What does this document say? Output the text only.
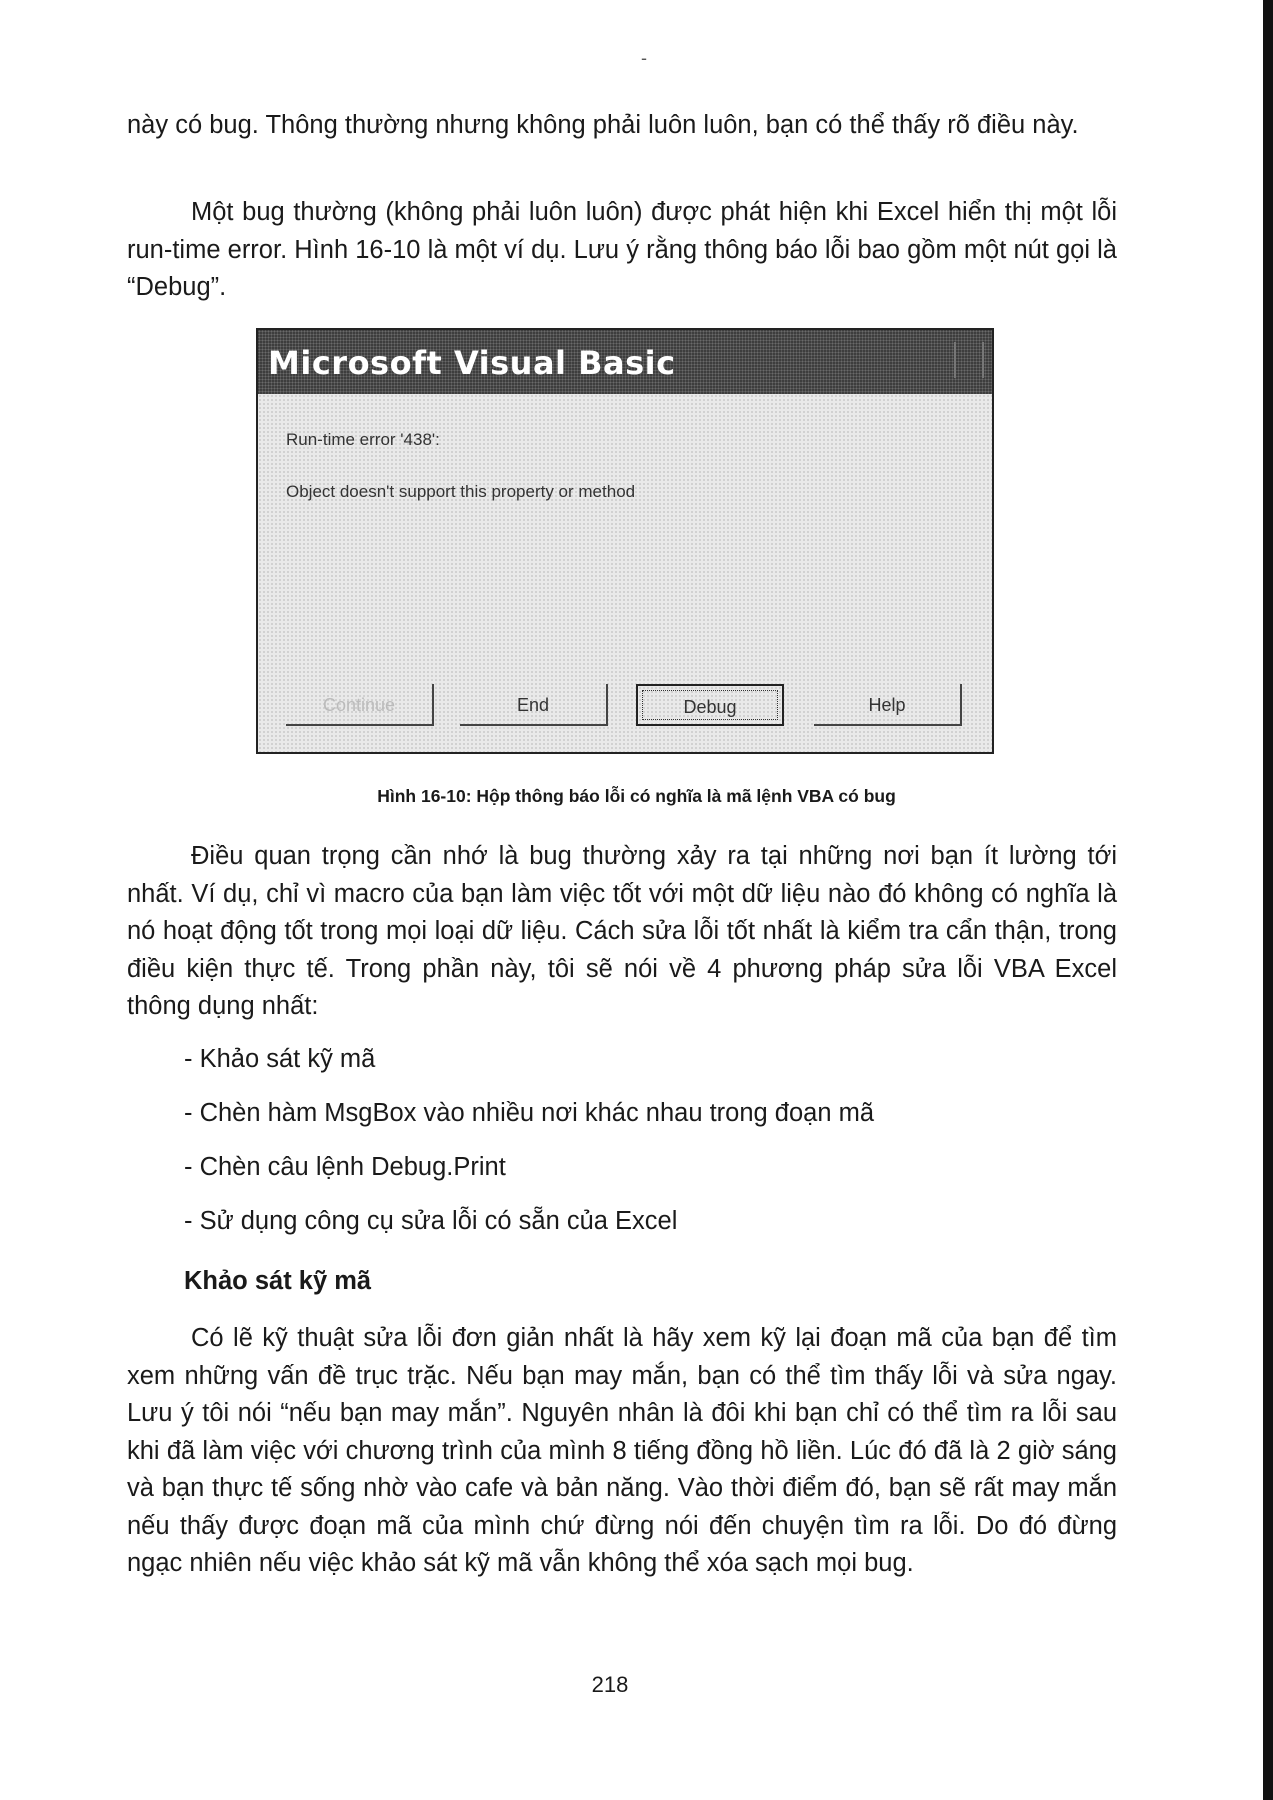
-

này có bug. Thông thường nhưng không phải luôn luôn, bạn có thể thấy rõ điều này.

Một bug thường (không phải luôn luôn) được phát hiện khi Excel hiển thị một lỗi run-time error. Hình 16-10 là một ví dụ. Lưu ý rằng thông báo lỗi bao gồm một nút gọi là “Debug”.

Microsoft Visual Basic
Run-time error '438':
Object doesn't support this property or method
Continue	End	Debug	Help

Hình 16-10: Hộp thông báo lỗi có nghĩa là mã lệnh VBA có bug

Điều quan trọng cần nhớ là bug thường xảy ra tại những nơi bạn ít lường tới nhất. Ví dụ, chỉ vì macro của bạn làm việc tốt với một dữ liệu nào đó không có nghĩa là nó hoạt động tốt trong mọi loại dữ liệu. Cách sửa lỗi tốt nhất là kiểm tra cẩn thận, trong điều kiện thực tế. Trong phần này, tôi sẽ nói về 4 phương pháp sửa lỗi VBA Excel thông dụng nhất:

- Khảo sát kỹ mã
- Chèn hàm MsgBox vào nhiều nơi khác nhau trong đoạn mã
- Chèn câu lệnh Debug.Print
- Sử dụng công cụ sửa lỗi có sẵn của Excel
Khảo sát kỹ mã

Có lẽ kỹ thuật sửa lỗi đơn giản nhất là hãy xem kỹ lại đoạn mã của bạn để tìm xem những vấn đề trục trặc. Nếu bạn may mắn, bạn có thể tìm thấy lỗi và sửa ngay. Lưu ý tôi nói “nếu bạn may mắn”. Nguyên nhân là đôi khi bạn chỉ có thể tìm ra lỗi sau khi đã làm việc với chương trình của mình 8 tiếng đồng hồ liền. Lúc đó đã là 2 giờ sáng và bạn thực tế sống nhờ vào cafe và bản năng. Vào thời điểm đó, bạn sẽ rất may mắn nếu thấy được đoạn mã của mình chứ đừng nói đến chuyện tìm ra lỗi. Do đó đừng ngạc nhiên nếu việc khảo sát kỹ mã vẫn không thể xóa sạch mọi bug.

218
